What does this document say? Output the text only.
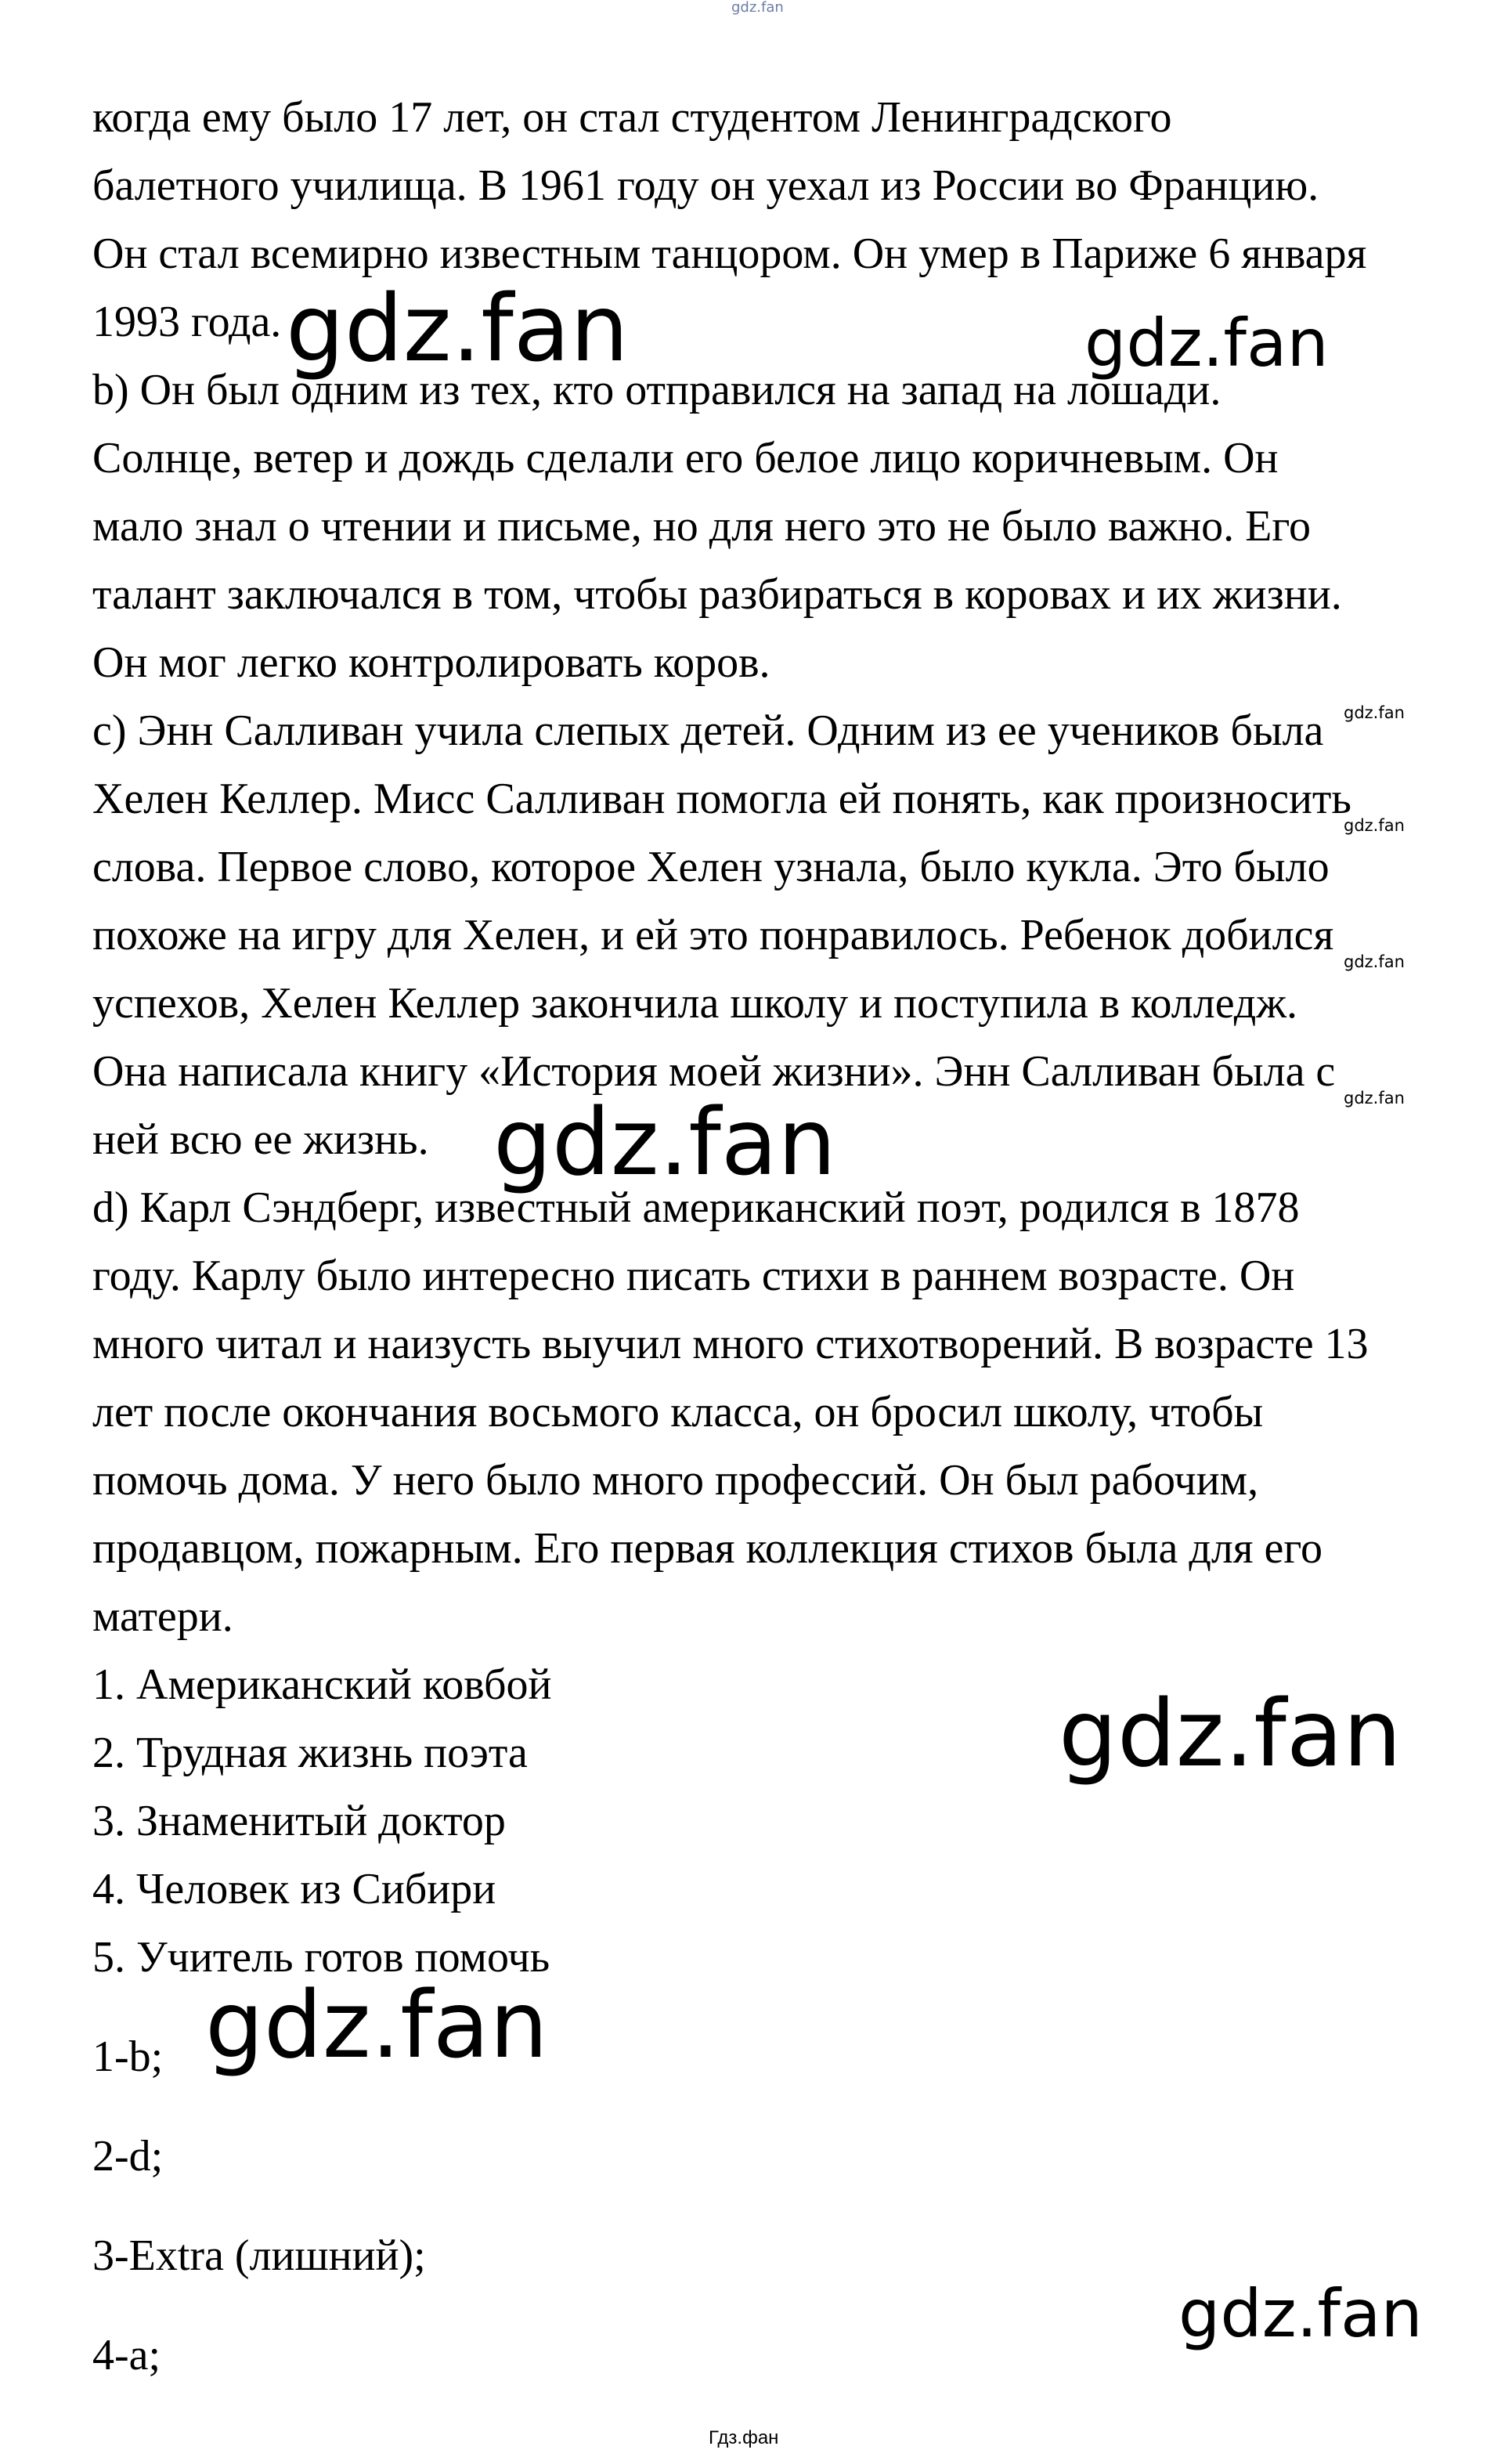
gdz.fan
когда ему было 17 лет, он стал студентом Ленинградского
балетного училища. В 1961 году он уехал из России во Францию.
Он стал всемирно известным танцором. Он умер в Париже 6 января
1993 года.
b) Он был одним из тех, кто отправился на запад на лошади.
Солнце, ветер и дождь сделали его белое лицо коричневым. Он
мало знал о чтении и письме, но для него это не было важно. Его
талант заключался в том, чтобы разбираться в коровах и их жизни.
Он мог легко контролировать коров.
c) Энн Салливан учила слепых детей. Одним из ее учеников была
Хелен Келлер. Мисс Салливан помогла ей понять, как произносить
слова. Первое слово, которое Хелен узнала, было кукла. Это было
похоже на игру для Хелен, и ей это понравилось. Ребенок добился
успехов, Хелен Келлер закончила школу и поступила в колледж.
Она написала книгу «История моей жизни». Энн Салливан была с
ней всю ее жизнь.
d) Карл Сэндберг, известный американский поэт, родился в 1878
году. Карлу было интересно писать стихи в раннем возрасте. Он
много читал и наизусть выучил много стихотворений. В возрасте 13
лет после окончания восьмого класса, он бросил школу, чтобы
помочь дома. У него было много профессий. Он был рабочим,
продавцом, пожарным. Его первая коллекция стихов была для его
матери.
1. Американский ковбой
2. Трудная жизнь поэта
3. Знаменитый доктор
4. Человек из Сибири
5. Учитель готов помочь
1-b;
2-d;
3-Extra (лишний);
4-a;
gdz.fan	gdz.fan
gdz.fan
gdz.fan
gdz.fan
gdz.fan
gdz.fan
gdz.fan
gdz.fan
gdz.fan
Гдз.фан
